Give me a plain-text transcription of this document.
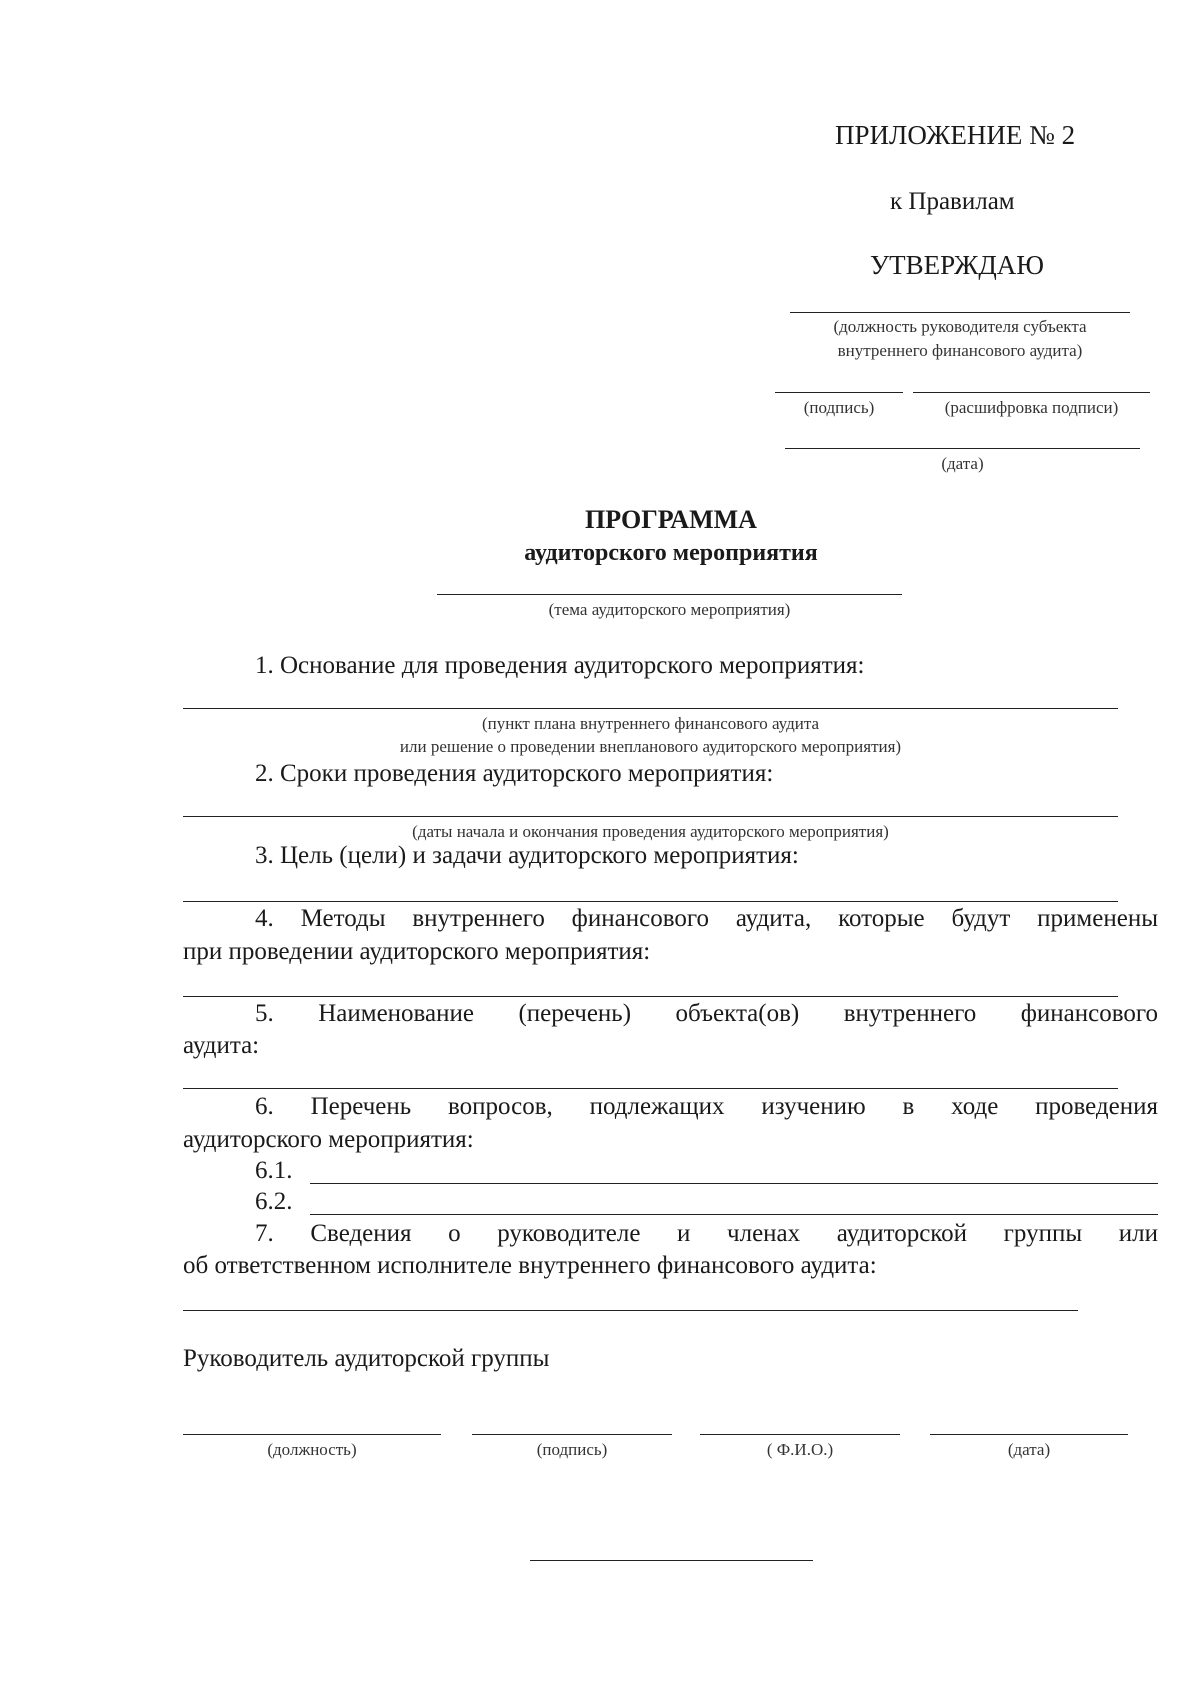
ПРИЛОЖЕНИЕ № 2
к Правилам
УТВЕРЖДАЮ
(должность руководителя субъекта
внутреннего финансового аудита)
(подпись)	(расшифровка подписи)
(дата)
ПРОГРАММА
аудиторского мероприятия
(тема аудиторского мероприятия)
1. Основание для проведения аудиторского мероприятия:
(пункт плана внутреннего финансового аудита
или решение о проведении внепланового аудиторского мероприятия)
2. Сроки проведения аудиторского мероприятия:
(даты начала и окончания проведения аудиторского мероприятия)
3. Цель (цели) и задачи аудиторского мероприятия:
4. Методы внутреннего финансового аудита, которые будут применены
при проведении аудиторского мероприятия:
5. Наименование (перечень) объекта(ов) внутреннего финансового
аудита:
6. Перечень вопросов, подлежащих изучению в ходе проведения
аудиторского мероприятия:
6.1.
6.2.
7. Сведения о руководителе и членах аудиторской группы или
об ответственном исполнителе внутреннего финансового аудита:
Руководитель аудиторской группы
(должность)	(подпись)	( Ф.И.О.)	(дата)
